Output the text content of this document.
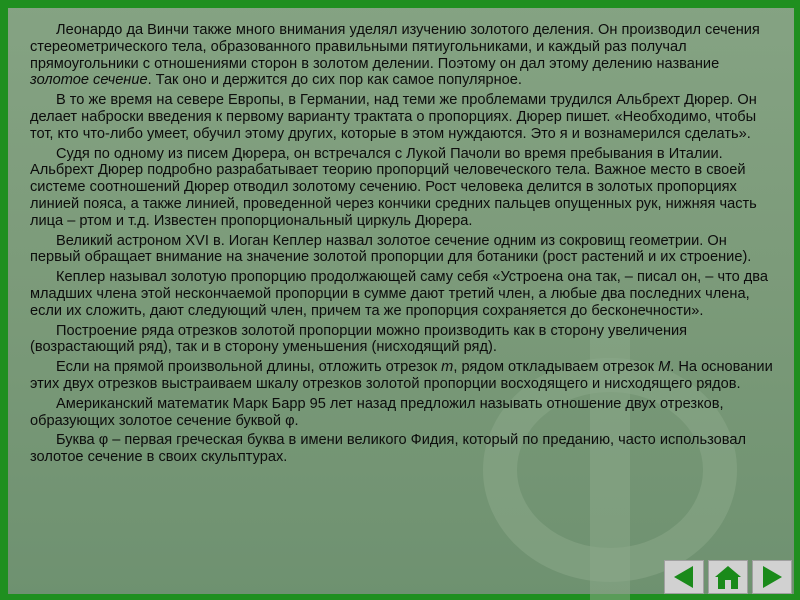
Леонардо да Винчи также много внимания уделял изучению золотого деления. Он производил сечения стереометрического тела, образованного правильными пятиугольниками, и каждый раз получал прямоугольники с отношениями сторон в золотом делении. Поэтому он дал этому делению название золотое сечение. Так оно и держится до сих пор как самое популярное.

В то же время на севере Европы, в Германии, над теми же проблемами трудился Альбрехт Дюрер. Он делает наброски введения к первому варианту трактата о пропорциях. Дюрер пишет. «Необходимо, чтобы тот, кто что-либо умеет, обучил этому других, которые в этом нуждаются. Это я и вознамерился сделать».

Судя по одному из писем Дюрера, он встречался с Лукой Пачоли во время пребывания в Италии. Альбрехт Дюрер подробно разрабатывает теорию пропорций человеческого тела. Важное место в своей системе соотношений Дюрер отводил золотому сечению. Рост человека делится в золотых пропорциях линией пояса, а также линией, проведенной через кончики средних пальцев опущенных рук, нижняя часть лица – ртом и т.д. Известен пропорциональный циркуль Дюрера.

Великий астроном XVI в. Иоган Кеплер назвал золотое сечение одним из сокровищ геометрии. Он первый обращает внимание на значение золотой пропорции для ботаники (рост растений и их строение).

Кеплер называл золотую пропорцию продолжающей саму себя «Устроена она так, – писал он, – что два младших члена этой нескончаемой пропорции в сумме дают третий член, а любые два последних члена, если их сложить, дают следующий член, причем та же пропорция сохраняется до бесконечности».

Построение ряда отрезков золотой пропорции можно производить как в сторону увеличения (возрастающий ряд), так и в сторону уменьшения (нисходящий ряд).

Если на прямой произвольной длины, отложить отрезок m, рядом откладываем отрезок M. На основании этих двух отрезков выстраиваем шкалу отрезков золотой пропорции восходящего и нисходящего рядов.

Американский математик Марк Барр 95 лет назад предложил называть отношение двух отрезков, образующих золотое сечение буквой φ.

Буква φ – первая греческая буква в имени великого Фидия, который по преданию, часто использовал золотое сечение в своих скульптурах.
